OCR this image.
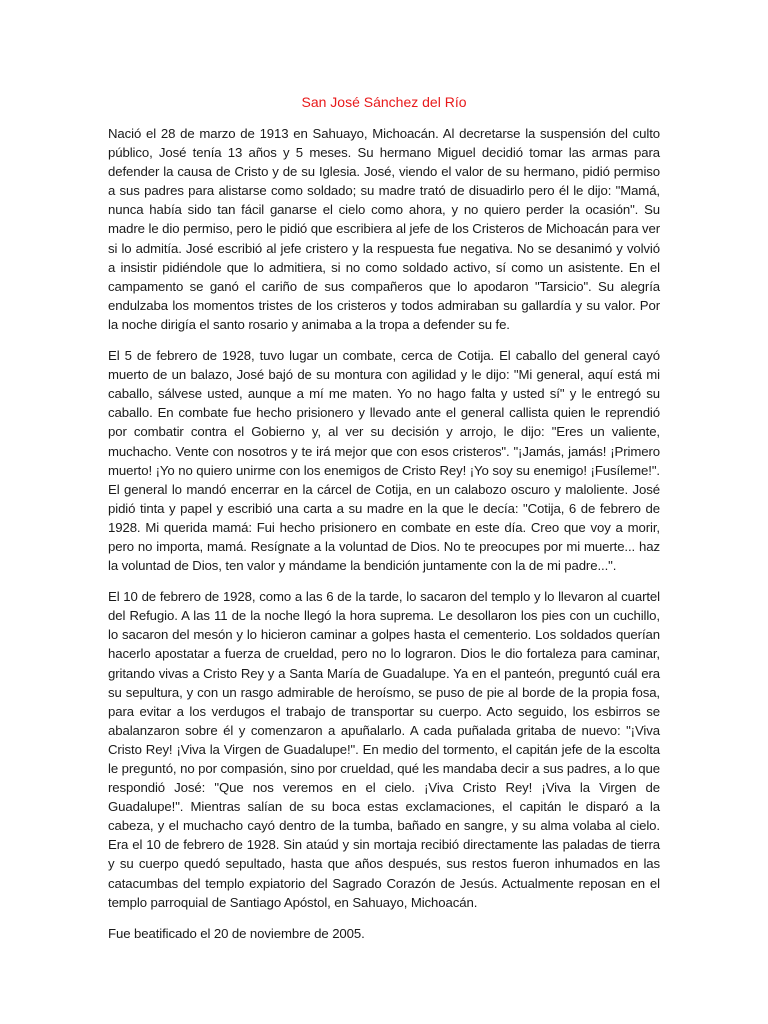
San José Sánchez del Río

Nació el 28 de marzo de 1913 en Sahuayo, Michoacán. Al decretarse la suspensión del culto público, José tenía 13 años y 5 meses. Su hermano Miguel decidió tomar las armas para defender la causa de Cristo y de su Iglesia. José, viendo el valor de su hermano, pidió permiso a sus padres para alistarse como soldado; su madre trató de disuadirlo pero él le dijo: "Mamá, nunca había sido tan fácil ganarse el cielo como ahora, y no quiero perder la ocasión". Su madre le dio permiso, pero le pidió que escribiera al jefe de los Cristeros de Michoacán para ver si lo admitía. José escribió al jefe cristero y la respuesta fue negativa. No se desanimó y volvió a insistir pidiéndole que lo admitiera, si no como soldado activo, sí como un asistente. En el campamento se ganó el cariño de sus compañeros que lo apodaron "Tarsicio". Su alegría endulzaba los momentos tristes de los cristeros y todos admiraban su gallardía y su valor. Por la noche dirigía el santo rosario y animaba a la tropa a defender su fe.

El 5 de febrero de 1928, tuvo lugar un combate, cerca de Cotija. El caballo del general cayó muerto de un balazo, José bajó de su montura con agilidad y le dijo: "Mi general, aquí está mi caballo, sálvese usted, aunque a mí me maten. Yo no hago falta y usted sí" y le entregó su caballo. En combate fue hecho prisionero y llevado ante el general callista quien le reprendió por combatir contra el Gobierno y, al ver su decisión y arrojo, le dijo: "Eres un valiente, muchacho. Vente con nosotros y te irá mejor que con esos cristeros". "¡Jamás, jamás! ¡Primero muerto! ¡Yo no quiero unirme con los enemigos de Cristo Rey! ¡Yo soy su enemigo! ¡Fusíleme!". El general lo mandó encerrar en la cárcel de Cotija, en un calabozo oscuro y maloliente. José pidió tinta y papel y escribió una carta a su madre en la que le decía: "Cotija, 6 de febrero de 1928. Mi querida mamá: Fui hecho prisionero en combate en este día. Creo que voy a morir, pero no importa, mamá. Resígnate a la voluntad de Dios. No te preocupes por mi muerte... haz la voluntad de Dios, ten valor y mándame la bendición juntamente con la de mi padre...".

El 10 de febrero de 1928, como a las 6 de la tarde, lo sacaron del templo y lo llevaron al cuartel del Refugio. A las 11 de la noche llegó la hora suprema. Le desollaron los pies con un cuchillo, lo sacaron del mesón y lo hicieron caminar a golpes hasta el cementerio. Los soldados querían hacerlo apostatar a fuerza de crueldad, pero no lo lograron. Dios le dio fortaleza para caminar, gritando vivas a Cristo Rey y a Santa María de Guadalupe. Ya en el panteón, preguntó cuál era su sepultura, y con un rasgo admirable de heroísmo, se puso de pie al borde de la propia fosa, para evitar a los verdugos el trabajo de transportar su cuerpo. Acto seguido, los esbirros se abalanzaron sobre él y comenzaron a apuñalarlo. A cada puñalada gritaba de nuevo: "¡Viva Cristo Rey! ¡Viva la Virgen de Guadalupe!". En medio del tormento, el capitán jefe de la escolta le preguntó, no por compasión, sino por crueldad, qué les mandaba decir a sus padres, a lo que respondió José: "Que nos veremos en el cielo. ¡Viva Cristo Rey! ¡Viva la Virgen de Guadalupe!". Mientras salían de su boca estas exclamaciones, el capitán le disparó a la cabeza, y el muchacho cayó dentro de la tumba, bañado en sangre, y su alma volaba al cielo. Era el 10 de febrero de 1928. Sin ataúd y sin mortaja recibió directamente las paladas de tierra y su cuerpo quedó sepultado, hasta que años después, sus restos fueron inhumados en las catacumbas del templo expiatorio del Sagrado Corazón de Jesús. Actualmente reposan en el templo parroquial de Santiago Apóstol, en Sahuayo, Michoacán.

Fue beatificado el 20 de noviembre de 2005.
